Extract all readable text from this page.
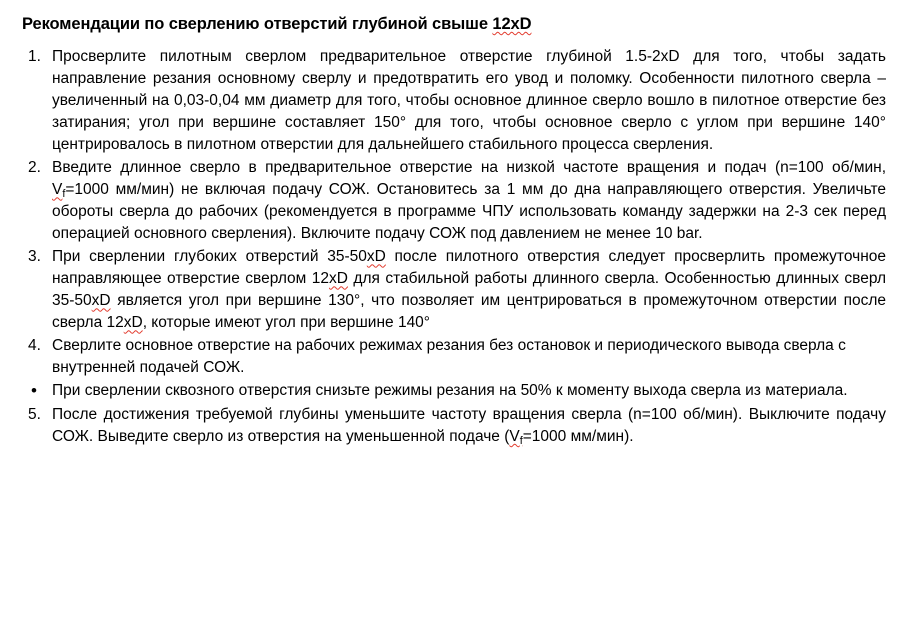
Рекомендации по сверлению отверстий глубиной свыше 12xD
1. Просверлите пилотным сверлом предварительное отверстие глубиной 1.5-2xD для того, чтобы задать направление резания основному сверлу и предотвратить его увод и поломку. Особенности пилотного сверла – увеличенный на 0,03-0,04 мм диаметр для того, чтобы основное длинное сверло вошло в пилотное отверстие без затирания; угол при вершине составляет 150° для того, чтобы основное сверло с углом при вершине 140° центрировалось в пилотном отверстии для дальнейшего стабильного процесса сверления.
2. Введите длинное сверло в предварительное отверстие на низкой частоте вращения и подач (n=100 об/мин, $V_f=1000$ мм/мин) не включая подачу СОЖ. Остановитесь за 1 мм до дна направляющего отверстия. Увеличьте обороты сверла до рабочих (рекомендуется в программе ЧПУ использовать команду задержки на 2-3 сек перед операцией основного сверления). Включите подачу СОЖ под давлением не менее 10 bar.
3. При сверлении глубоких отверстий 35-50xD после пилотного отверстия следует просверлить промежуточное направляющее отверстие сверлом 12xD для стабильной работы длинного сверла. Особенностью длинных сверл 35-50xD является угол при вершине 130°, что позволяет им центрироваться в промежуточном отверстии после сверла 12xD, которые имеют угол при вершине 140°
4. Сверлите основное отверстие на рабочих режимах резания без остановок и периодического вывода сверла с внутренней подачей СОЖ.
• При сверлении сквозного отверстия снизьте режимы резания на 50% к моменту выхода сверла из материала.
5. После достижения требуемой глубины уменьшите частоту вращения сверла (n=100 об/мин). Выключите подачу СОЖ. Выведите сверло из отверстия на уменьшенной подаче ($V_f=1000$ мм/мин).
